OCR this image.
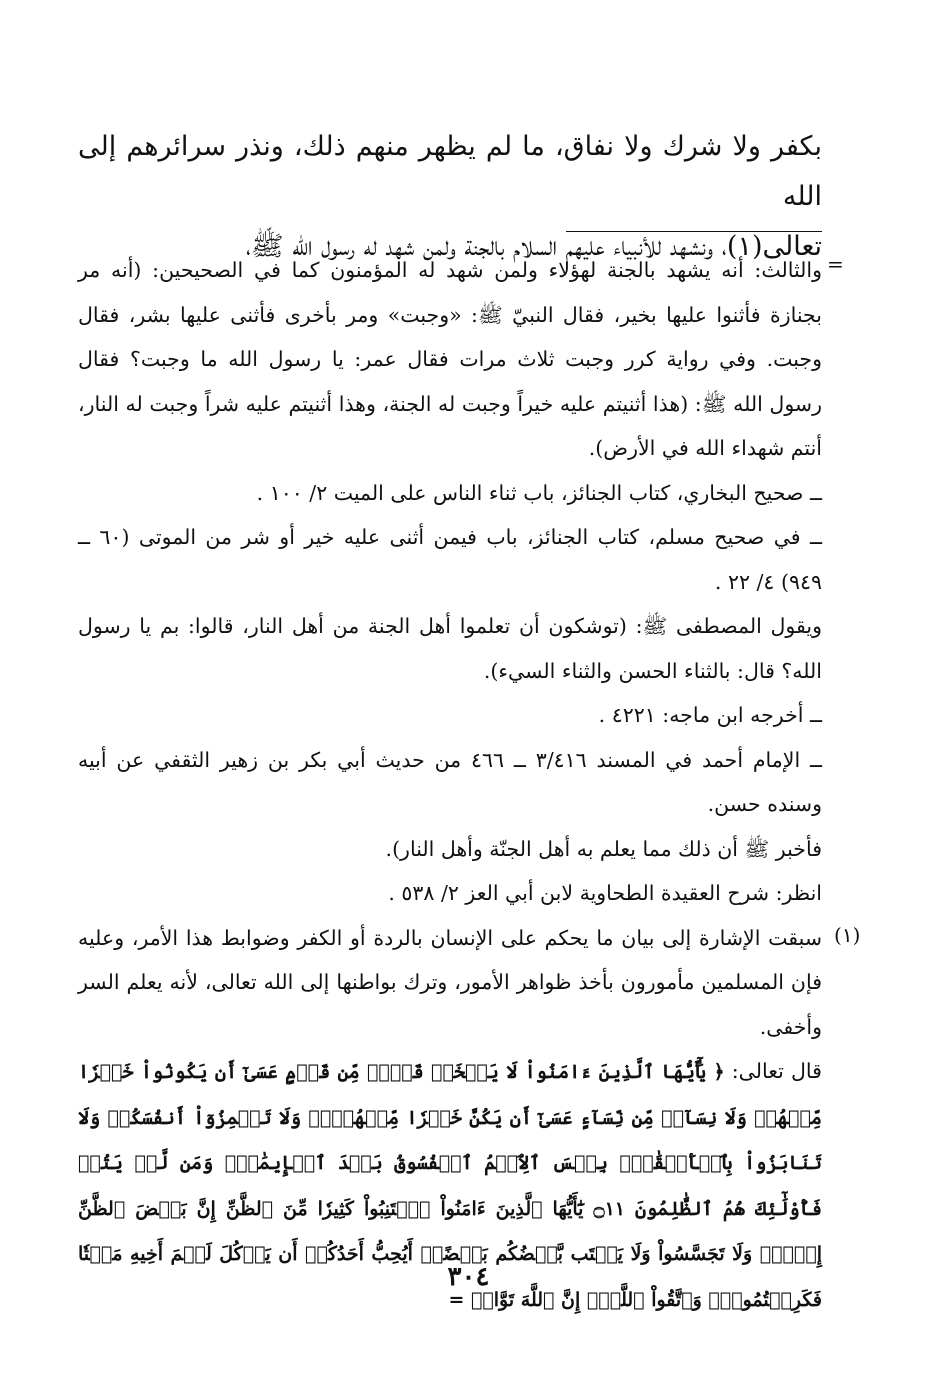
بكفر ولا شرك ولا نفاق، ما لم يظهر منهم ذلك، ونذر سرائرهم إلى الله

تعالى(١)، ونشهد للأنبياء عليهم السلام بالجنة ولمن شهد له رسول الله ﷺ،

=
(١)

والثالث: أنه يشهد بالجنة لهؤلاء ولمن شهد له المؤمنون كما في الصحيحين: (أنه مر بجنازة فأثنوا عليها بخير، فقال النبيّ ﷺ: «وجبت» ومر بأخرى فأثنى عليها بشر، فقال وجبت. وفي رواية كرر وجبت ثلاث مرات فقال عمر: يا رسول الله ما وجبت؟ فقال رسول الله ﷺ: (هذا أثنيتم عليه خيراً وجبت له الجنة، وهذا أثنيتم عليه شراً وجبت له النار، أنتم شهداء الله في الأرض).

ــ صحيح البخاري، كتاب الجنائز، باب ثناء الناس على الميت ٢/ ١٠٠ .

ــ في صحيح مسلم، كتاب الجنائز، باب فيمن أثنى عليه خير أو شر من الموتى (٦٠ ــ ٩٤٩) ٤/ ٢٢ .

ويقول المصطفى ﷺ: (توشكون أن تعلموا أهل الجنة من أهل النار، قالوا: بم يا رسول الله؟ قال: بالثناء الحسن والثناء السيء).

ــ أخرجه ابن ماجه: ٤٢٢١ .

ــ الإمام أحمد في المسند ٣/٤١٦ ــ ٤٦٦ من حديث أبي بكر بن زهير الثقفي عن أبيه وسنده حسن.

فأخبر ﷺ أن ذلك مما يعلم به أهل الجنّة وأهل النار).

انظر: شرح العقيدة الطحاوية لابن أبي العز ٢/ ٥٣٨ .

سبقت الإشارة إلى بيان ما يحكم على الإنسان بالردة أو الكفر وضوابط هذا الأمر، وعليه فإن المسلمين مأمورون بأخذ ظواهر الأمور، وترك بواطنها إلى الله تعالى، لأنه يعلم السر وأخفى.

قال تعالى: ﴿ يَٰٓأَيُّهَا ٱلَّذِينَ ءَامَنُواْ لَا يَسۡخَرۡ قَوۡمٞ مِّن قَوۡمٍ عَسَىٰٓ أَن يَكُونُواْ خَيۡرٗا مِّنۡهُمۡ وَلَا نِسَآءٞ مِّن نِّسَآءٍ عَسَىٰٓ أَن يَكُنَّ خَيۡرٗا مِّنۡهُنَّۖ وَلَا تَلۡمِزُوٓاْ أَنفُسَكُمۡ وَلَا تَنَابَزُواْ بِٱلۡأَلۡقَٰبِۖ بِئۡسَ ٱلِٱسۡمُ ٱلۡفُسُوقُ بَعۡدَ ٱلۡإِيمَٰنِۚ وَمَن لَّمۡ يَتُبۡ فَأُوْلَٰٓئِكَ هُمُ ٱلظَّٰلِمُونَ ۝١١ يَٰٓأَيُّهَا ٱلَّذِينَ ءَامَنُواْ ٱجۡتَنِبُواْ كَثِيرٗا مِّنَ ٱلظَّنِّ إِنَّ بَعۡضَ ٱلظَّنِّ إِثۡمٞۖ وَلَا تَجَسَّسُواْ وَلَا يَغۡتَب بَّعۡضُكُم بَعۡضًاۚ أَيُحِبُّ أَحَدُكُمۡ أَن يَأۡكُلَ لَحۡمَ أَخِيهِ مَيۡتٗا فَكَرِهۡتُمُوهُۚ وَٱتَّقُواْ ٱللَّهَۚ إِنَّ ٱللَّهَ تَوَّابٞ =

٣٠٤
